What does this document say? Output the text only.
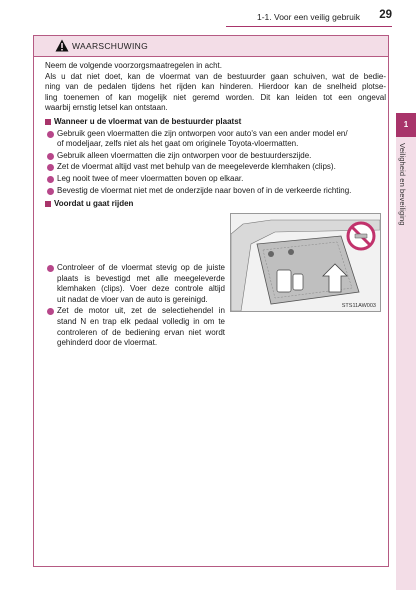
1-1. Voor een veilig gebruik 29
1
Veiligheid en beveiliging
WAARSCHUWING
Neem de volgende voorzorgsmaatregelen in acht.
Als u dat niet doet, kan de vloermat van de bestuurder gaan schuiven, wat de bedie-
ning van de pedalen tijdens het rijden kan hinderen. Hierdoor kan de snelheid plotse-
ling toenemen of kan mogelijk niet geremd worden. Dit kan leiden tot een ongeval
waarbij ernstig letsel kan ontstaan.
Wanneer u de vloermat van de bestuurder plaatst
Gebruik geen vloermatten die zijn ontworpen voor auto's van een ander model en/
of modeljaar, zelfs niet als het gaat om originele Toyota-vloermatten.
Gebruik alleen vloermatten die zijn ontworpen voor de bestuurderszijde.
Zet de vloermat altijd vast met behulp van de meegeleverde klemhaken (clips).
Leg nooit twee of meer vloermatten boven op elkaar.
Bevestig de vloermat niet met de onderzijde naar boven of in de verkeerde richting.
Voordat u gaat rijden
Controleer of de vloermat stevig op de juiste
plaats is bevestigd met alle meegeleverde
klemhaken (clips). Voer deze controle altijd
uit nadat de vloer van de auto is gereinigd.
Zet de motor uit, zet de selectiehendel in
stand N en trap elk pedaal volledig in om te
controleren of de bediening ervan niet wordt
gehinderd door de vloermat.
STS11AW003
